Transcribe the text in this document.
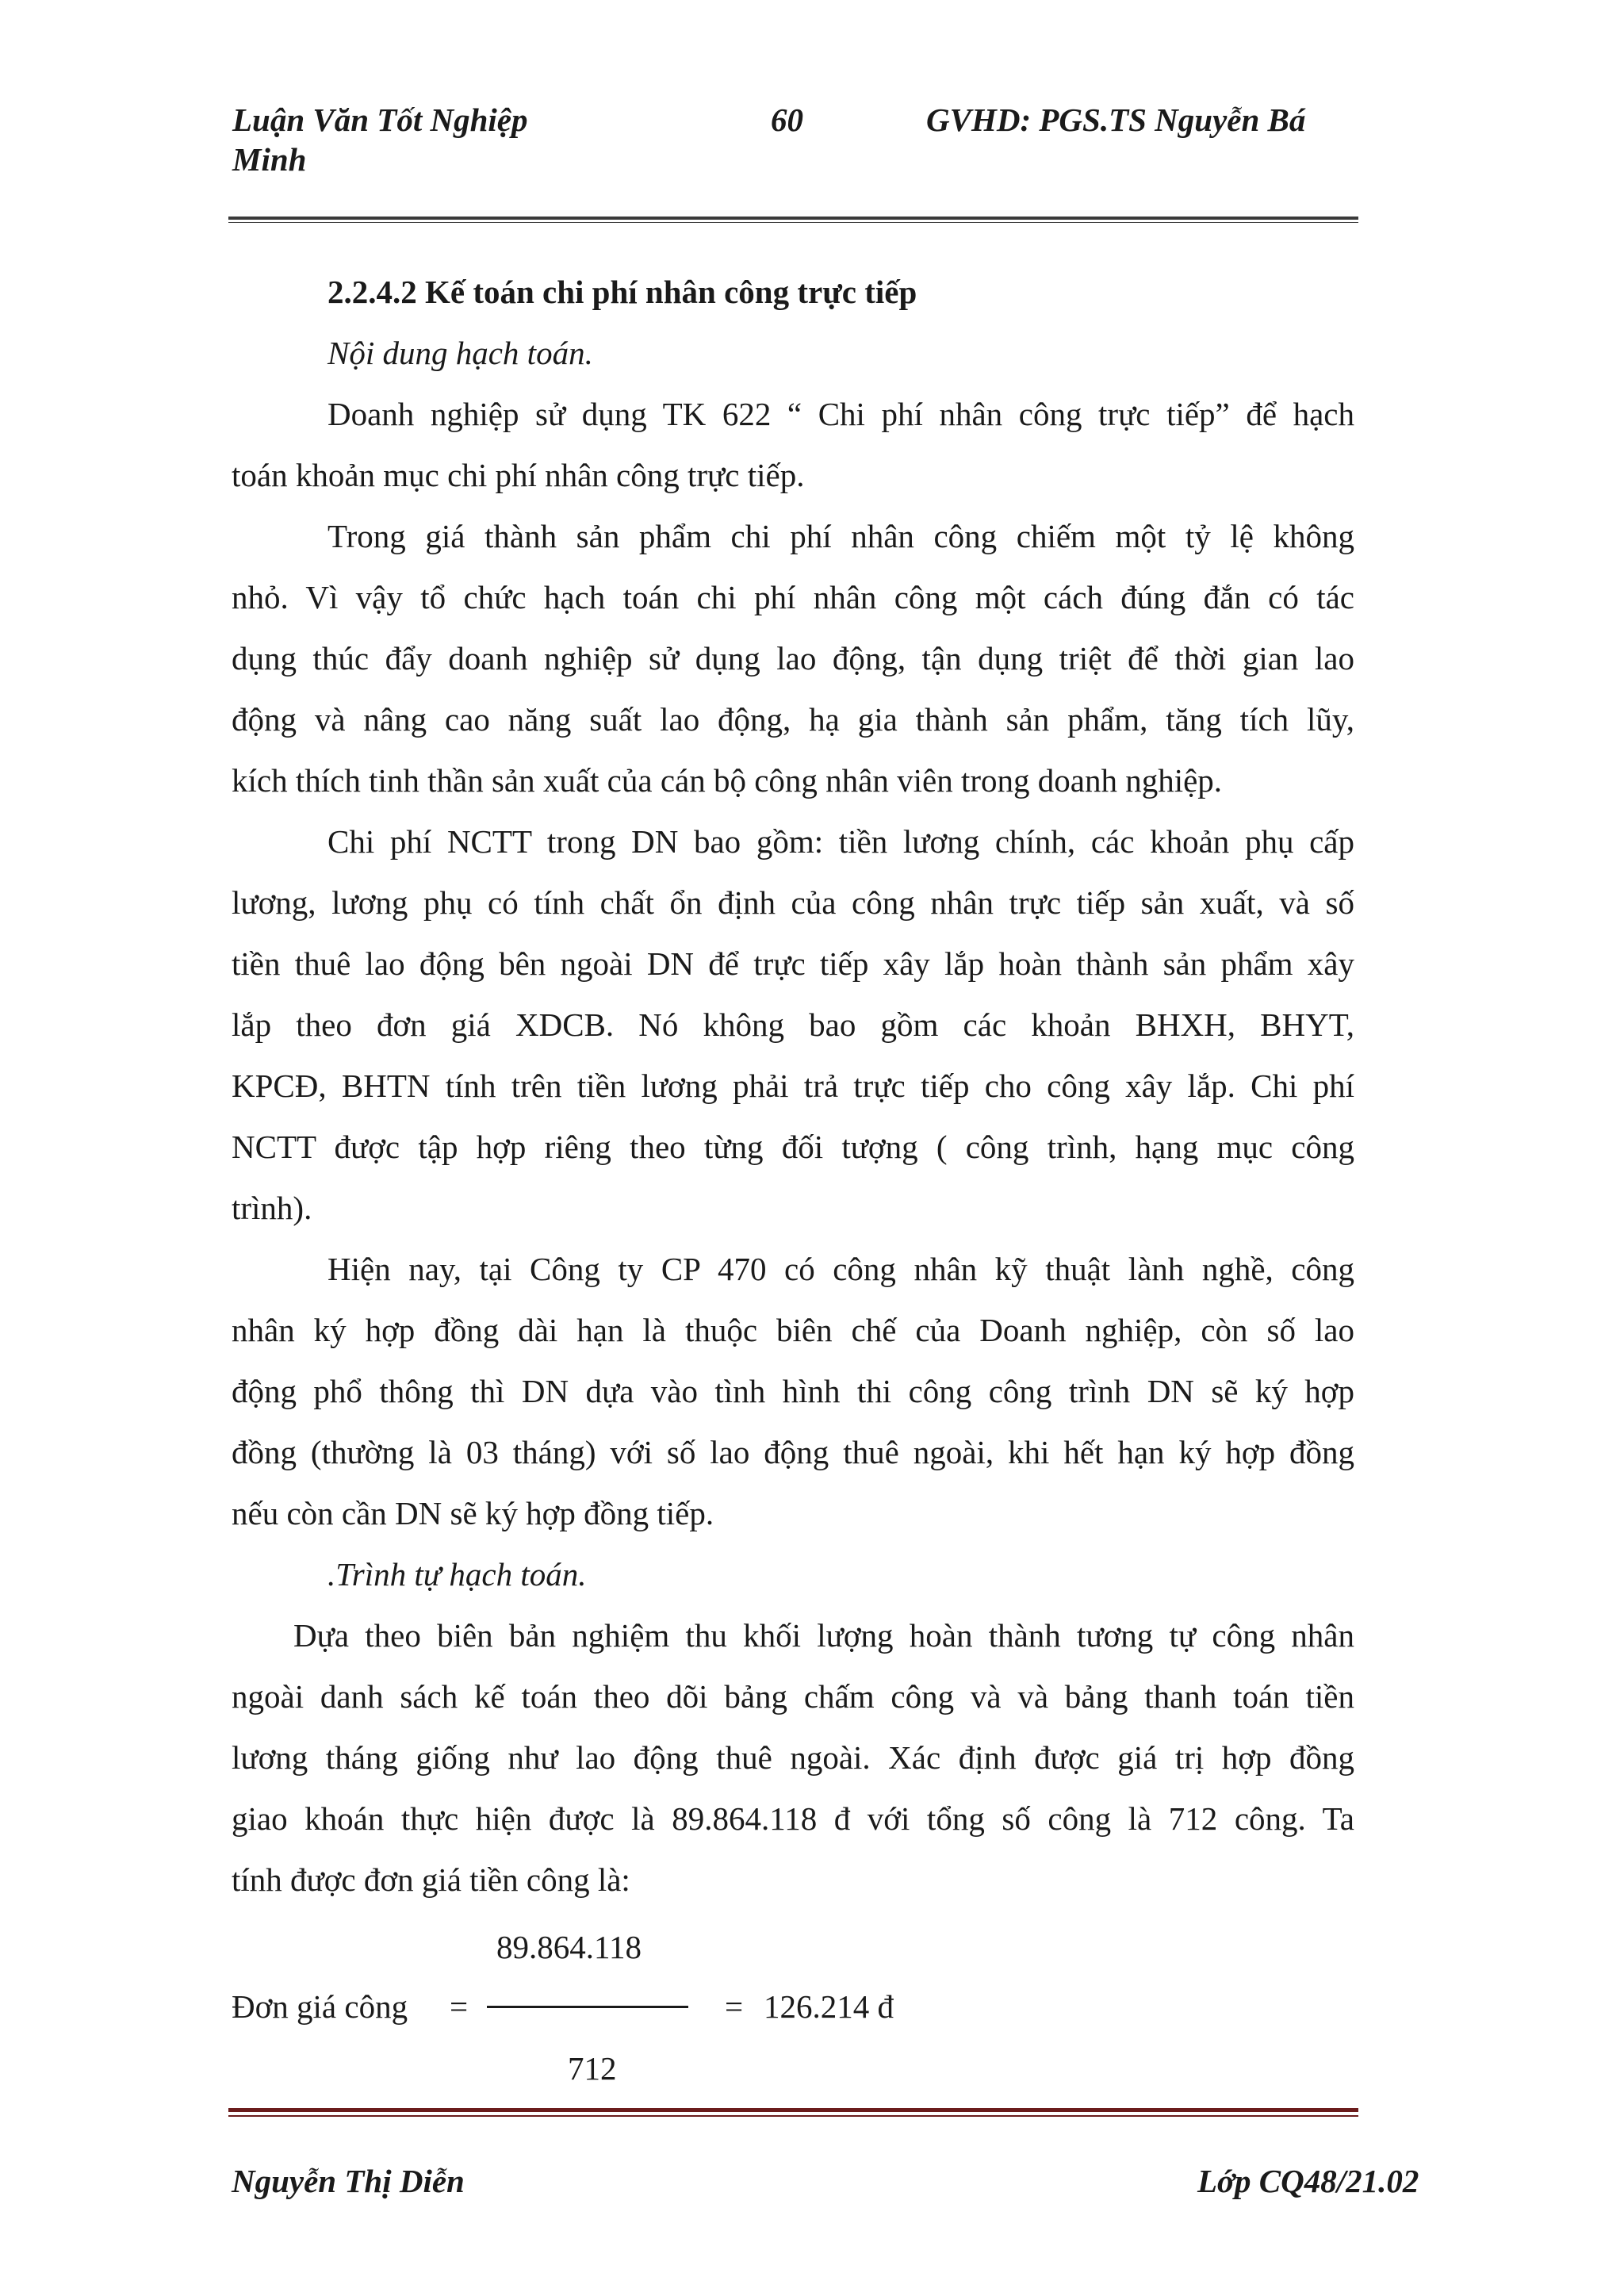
Luận Văn Tốt Nghiệp	60	GVHD: PGS.TS Nguyễn Bá
Minh
2.2.4.2 Kế toán chi phí nhân công trực tiếp
Nội dung hạch toán.
Doanh nghiệp sử dụng TK 622 “ Chi phí nhân công trực tiếp” để hạch
toán khoản mục chi phí nhân công trực tiếp.
Trong giá thành sản phẩm chi phí nhân công chiếm một tỷ lệ không
nhỏ. Vì vậy tổ chức hạch toán chi phí nhân công một cách đúng đắn có tác
dụng thúc đẩy doanh nghiệp sử dụng lao động, tận dụng triệt để thời gian lao
động và nâng cao năng suất lao động, hạ gia thành sản phẩm, tăng tích lũy,
kích thích tinh thần sản xuất của cán bộ công nhân viên trong doanh nghiệp.
Chi phí NCTT trong DN bao gồm: tiền lương chính, các khoản phụ cấp
lương, lương phụ có tính chất ổn định của công nhân trực tiếp sản xuất, và số
tiền thuê lao động bên ngoài DN để trực tiếp xây lắp hoàn thành sản phẩm xây
lắp theo đơn giá XDCB. Nó không bao gồm các khoản BHXH, BHYT,
KPCĐ, BHTN tính trên tiền lương phải trả trực tiếp cho công xây lắp. Chi phí
NCTT được tập hợp riêng theo từng đối tượng ( công trình, hạng mục công
trình).
Hiện nay, tại Công ty CP 470 có công nhân kỹ thuật lành nghề, công
nhân ký hợp đồng dài hạn là thuộc biên chế của Doanh nghiệp, còn số lao
động phổ thông thì DN dựa vào tình hình thi công công trình DN sẽ ký hợp
đồng (thường là 03 tháng) với số lao động thuê ngoài, khi hết hạn ký hợp đồng
nếu còn cần DN sẽ ký hợp đồng tiếp.
.Trình tự hạch toán.
Dựa theo biên bản nghiệm thu khối lượng hoàn thành tương tự công nhân
ngoài danh sách kế toán theo dõi bảng chấm công và và bảng thanh toán tiền
lương tháng giống như lao động thuê ngoài. Xác định được giá trị hợp đồng
giao khoán thực hiện được là 89.864.118 đ với tổng số công là 712 công. Ta
tính được đơn giá tiền công là:
89.864.118
Đơn giá công =	= 126.214 đ
712
Nguyễn Thị Diễn	Lớp CQ48/21.02
